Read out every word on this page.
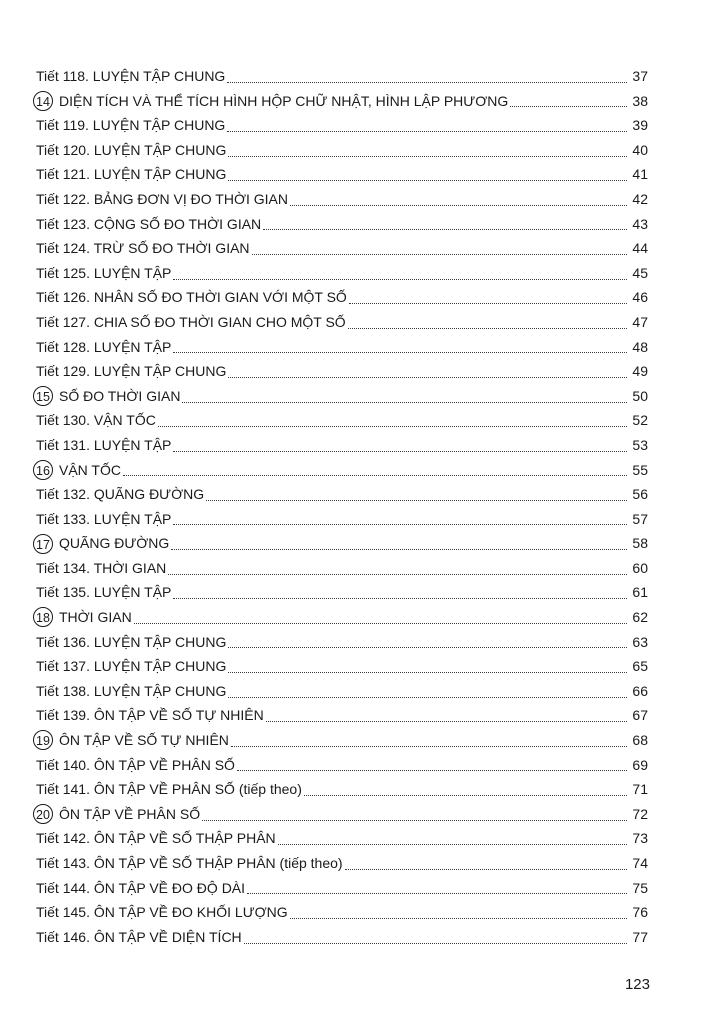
Tiết 118. LUYỆN TẬP CHUNG	37
14 DIỆN TÍCH VÀ THỂ TÍCH HÌNH HỘP CHỮ NHẬT, HÌNH LẬP PHƯƠNG	38
Tiết 119. LUYỆN TẬP CHUNG	39
Tiết 120. LUYỆN TẬP CHUNG	40
Tiết 121. LUYỆN TẬP CHUNG	41
Tiết 122. BẢNG ĐƠN VỊ ĐO THỜI GIAN	42
Tiết 123. CỘNG SỐ ĐO THỜI GIAN	43
Tiết 124. TRỪ SỐ ĐO THỜI GIAN	44
Tiết 125. LUYỆN TẬP	45
Tiết 126. NHÂN SỐ ĐO THỜI GIAN VỚI MỘT SỐ	46
Tiết 127. CHIA SỐ ĐO THỜI GIAN CHO MỘT SỐ	47
Tiết 128. LUYỆN TẬP	48
Tiết 129. LUYỆN TẬP CHUNG	49
15 SỐ ĐO THỜI GIAN	50
Tiết 130. VẬN TỐC	52
Tiết 131. LUYỆN TẬP	53
16 VẬN TỐC	55
Tiết 132. QUÃNG ĐƯỜNG	56
Tiết 133. LUYỆN TẬP	57
17 QUÃNG ĐƯỜNG	58
Tiết 134. THỜI GIAN	60
Tiết 135. LUYỆN TẬP	61
18 THỜI GIAN	62
Tiết 136. LUYỆN TẬP CHUNG	63
Tiết 137. LUYỆN TẬP CHUNG	65
Tiết 138. LUYỆN TẬP CHUNG	66
Tiết 139. ÔN TẬP VỀ SỐ TỰ NHIÊN	67
19 ÔN TẬP VỀ SỐ TỰ NHIÊN	68
Tiết 140. ÔN TẬP VỀ PHÂN SỐ	69
Tiết 141. ÔN TẬP VỀ PHÂN SỐ (tiếp theo)	71
20 ÔN TẬP VỀ PHÂN SỐ	72
Tiết 142. ÔN TẬP VỀ SỐ THẬP PHÂN	73
Tiết 143. ÔN TẬP VỀ SỐ THẬP PHÂN (tiếp theo)	74
Tiết 144. ÔN TẬP VỀ ĐO ĐỘ DÀI	75
Tiết 145. ÔN TẬP VỀ ĐO KHỐI LƯỢNG	76
Tiết 146. ÔN TẬP VỀ DIỆN TÍCH	77
123
